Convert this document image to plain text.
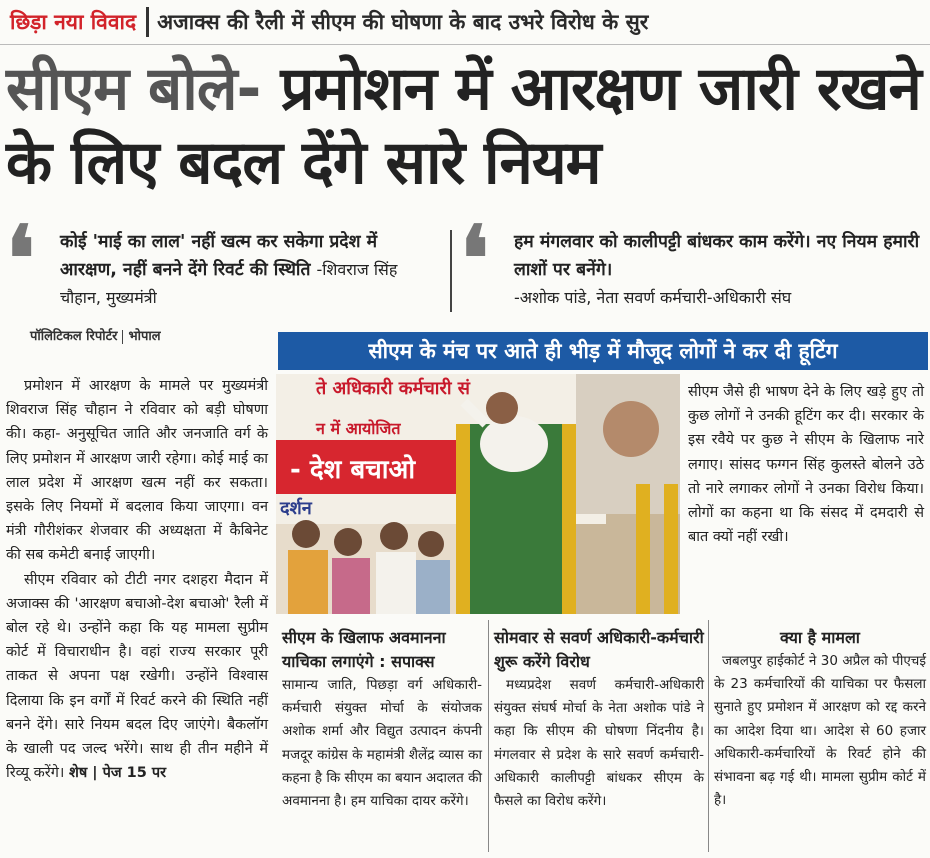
छिड़ा नया विवाद अजाक्स की रैली में सीएम की घोषणा के बाद उभरे विरोध के सुर
सीएम बोले- प्रमोशन में आरक्षण जारी रखने के लिए बदल देंगे सारे नियम
❛ कोई 'माई का लाल' नहीं खत्म कर सकेगा प्रदेश में आरक्षण, नहीं बनने देंगे रिवर्ट की स्थिति -शिवराज सिंह चौहान, मुख्यमंत्री	❛ हम मंगलवार को कालीपट्टी बांधकर काम करेंगे। नए नियम हमारी लाशों पर बनेंगे।
-अशोक पांडे, नेता सवर्ण कर्मचारी-अधिकारी संघ
पॉलिटिकल रिपोर्टर भोपाल
सीएम के मंच पर आते ही भीड़ में मौजूद लोगों ने कर दी हूटिंग

प्रमोशन में आरक्षण के मामले पर मुख्यमंत्री शिवराज सिंह चौहान ने रविवार को बड़ी घोषणा की। कहा- अनुसूचित जाति और जनजाति वर्ग के लिए प्रमोशन में आरक्षण जारी रहेगा। कोई माई का लाल प्रदेश में आरक्षण खत्म नहीं कर सकता। इसके लिए नियमों में बदलाव किया जाएगा। वन मंत्री गौरीशंकर शेजवार की अध्यक्षता में कैबिनेट की सब कमेटी बनाई जाएगी।

सीएम रविवार को टीटी नगर दशहरा मैदान में अजाक्स की 'आरक्षण बचाओ-देश बचाओ' रैली में बोल रहे थे। उन्होंने कहा कि यह मामला सुप्रीम कोर्ट में विचाराधीन है। वहां राज्य सरकार पूरी ताकत से अपना पक्ष रखेगी। उन्होंने विश्वास दिलाया कि इन वर्गों में रिवर्ट करने की स्थिति नहीं बनने देंगे। सारे नियम बदल दिए जाएंगे। बैकलॉग के खाली पद जल्द भरेंगे। साथ ही तीन महीने में रिव्यू करेंगे। शेष | पेज 15 पर

ते अधिकारी कर्मचारी सं
न में आयोजित
- देश बचाओ
दर्शन
सीएम जैसे ही भाषण देने के लिए खड़े हुए तो कुछ लोगों ने उनकी हूटिंग कर दी। सरकार के इस रवैये पर कुछ ने सीएम के खिलाफ नारे लगाए। सांसद फग्गन सिंह कुलस्ते बोलने उठे तो नारे लगाकर लोगों ने उनका विरोध किया। लोगों का कहना था कि संसद में दमदारी से बात क्यों नहीं रखी।
सीएम के खिलाफ अवमानना याचिका लगाएंगे : सपाक्स

सामान्य जाति, पिछड़ा वर्ग अधिकारी-कर्मचारी संयुक्त मोर्चा के संयोजक अशोक शर्मा और विद्युत उत्पादन कंपनी मजदूर कांग्रेस के महामंत्री शैलेंद्र व्यास का कहना है कि सीएम का बयान अदालत की अवमानना है। हम याचिका दायर करेंगे।

सोमवार से सवर्ण अधिकारी-कर्मचारी शुरू करेंगे विरोध

मध्यप्रदेश सवर्ण कर्मचारी-अधिकारी संयुक्त संघर्ष मोर्चा के नेता अशोक पांडे ने कहा कि सीएम की घोषणा निंदनीय है। मंगलवार से प्रदेश के सारे सवर्ण कर्मचारी-अधिकारी कालीपट्टी बांधकर सीएम के फैसले का विरोध करेंगे।

क्या है मामला

जबलपुर हाईकोर्ट ने 30 अप्रैल को पीएचई के 23 कर्मचारियों की याचिका पर फैसला सुनाते हुए प्रमोशन में आरक्षण को रद्द करने का आदेश दिया था। आदेश से 60 हजार अधिकारी-कर्मचारियों के रिवर्ट होने की संभावना बढ़ गई थी। मामला सुप्रीम कोर्ट में है।
